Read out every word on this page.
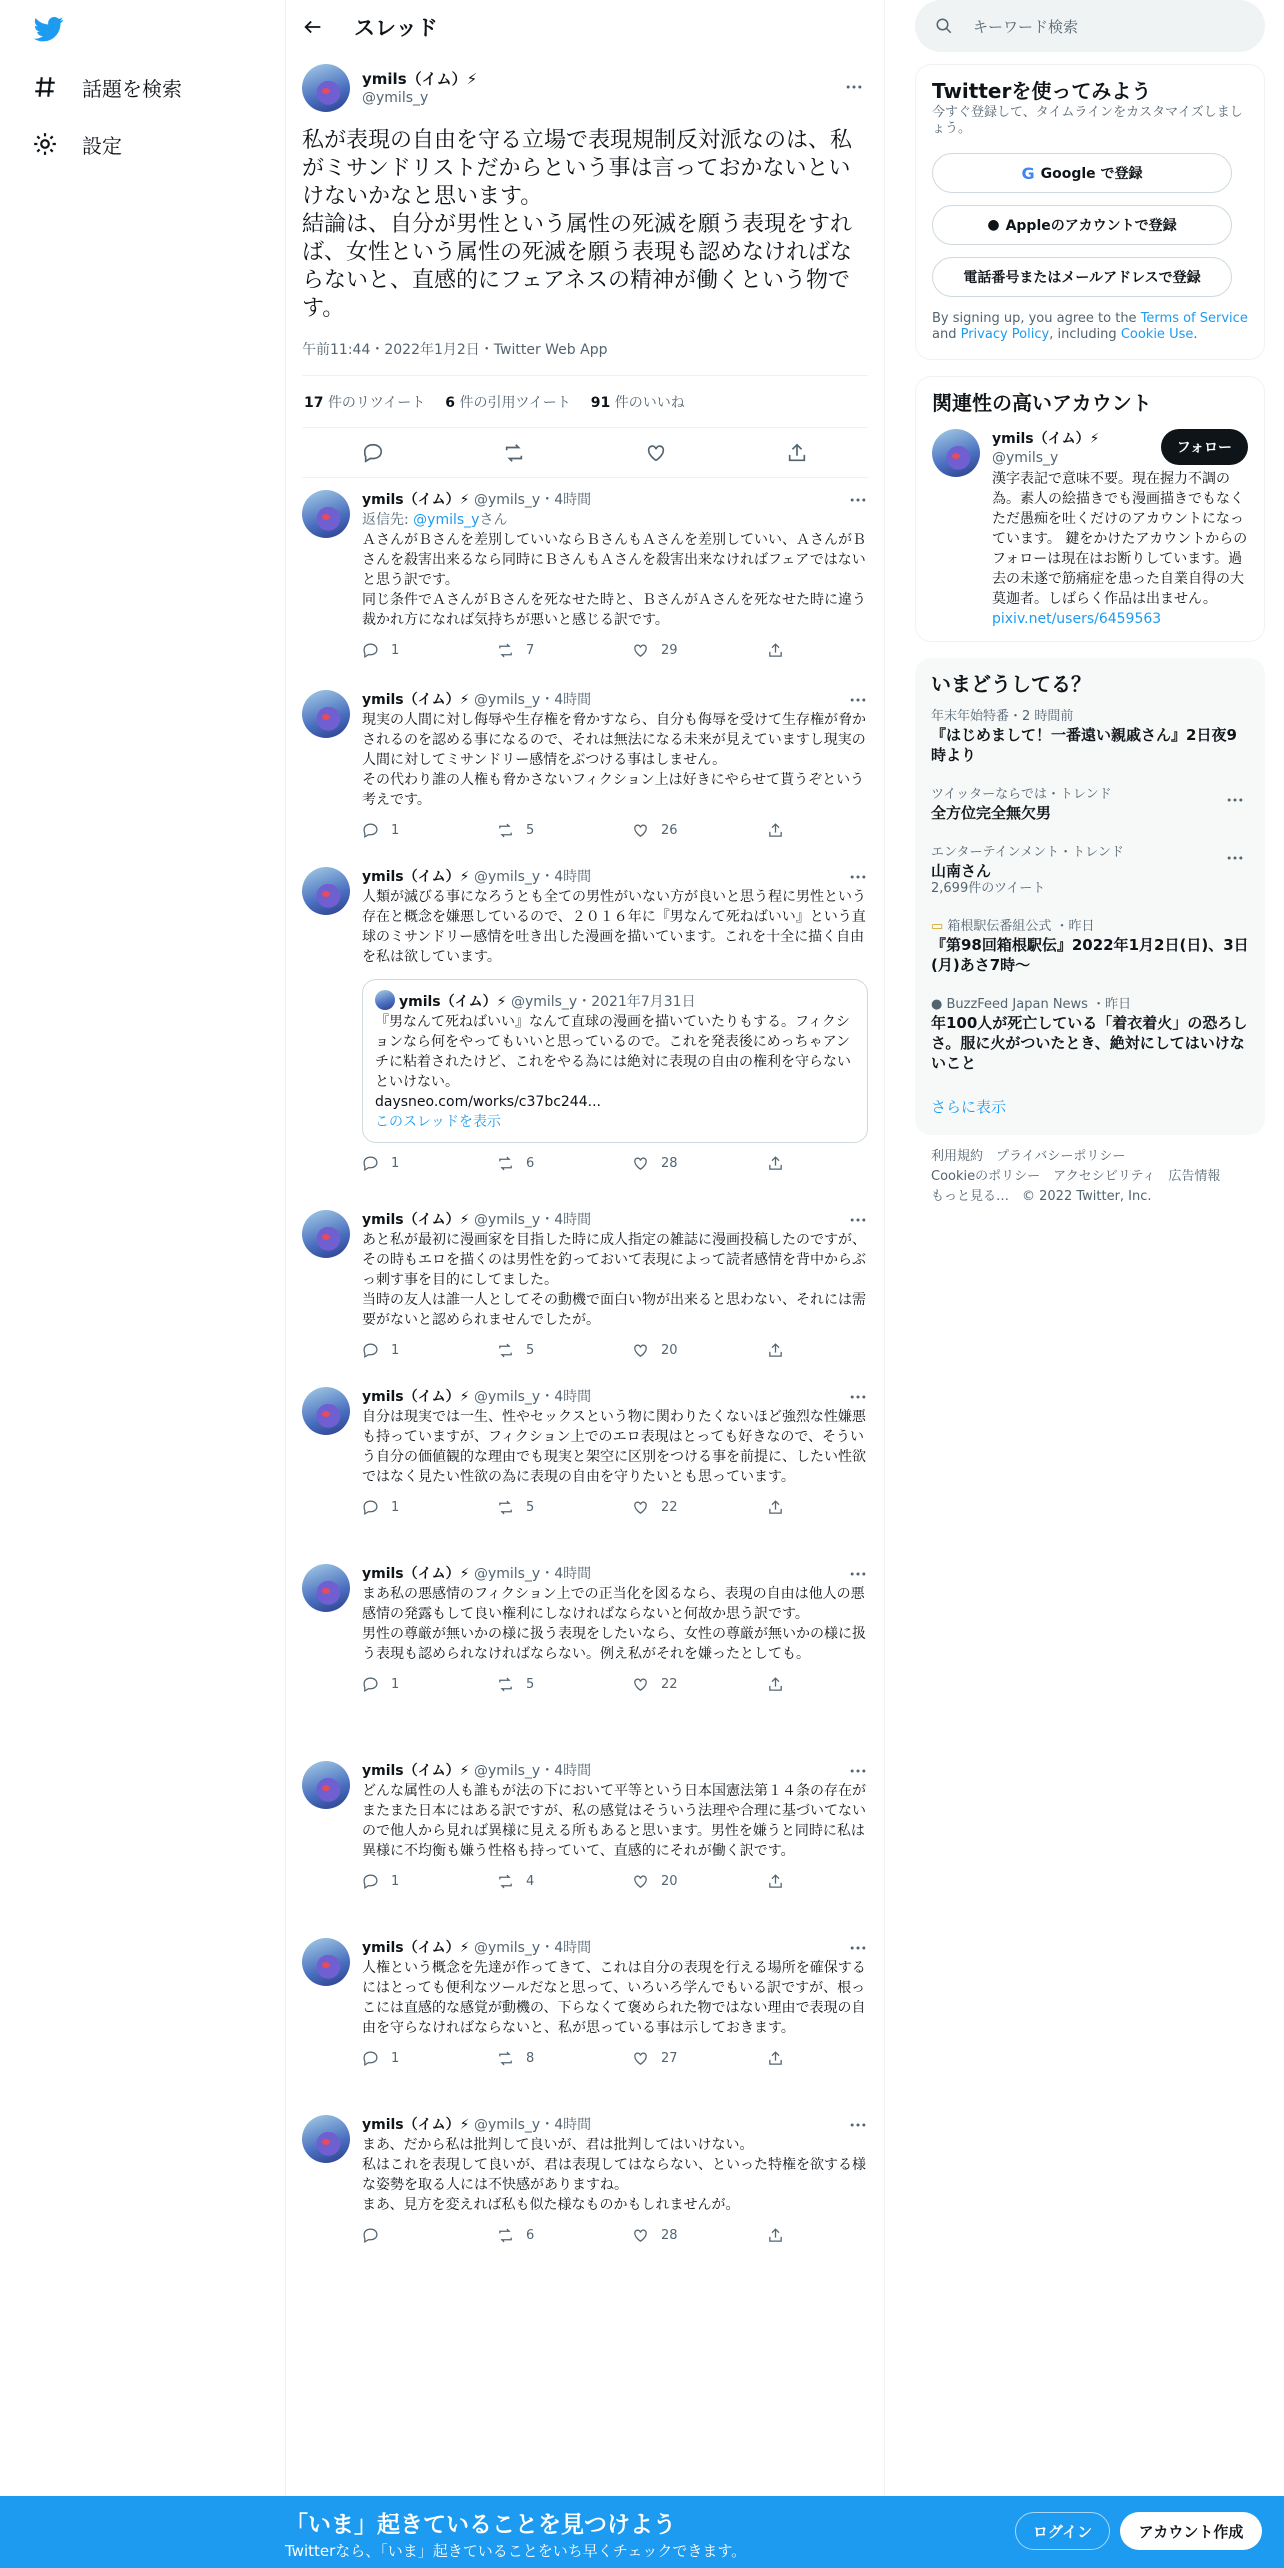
話題を検索
設定
スレッド
ymils（イム）⚡
@ymils_y
私が表現の自由を守る立場で表現規制反対派なのは、私がミサンドリストだからという事は言っておかないといけないかなと思います。
結論は、自分が男性という属性の死滅を願う表現をすれば、女性という属性の死滅を願う表現も認めなければならないと、直感的にフェアネスの精神が働くという物です。
午前11:44・2022年1月2日・Twitter Web App
17 件のリツイート 6 件の引用ツイート 91 件のいいね
ymils（イム）⚡ @ymils_y・4時間
返信先: @ymils_yさん
ＡさんがＢさんを差別していいならＢさんもＡさんを差別していい、ＡさんがＢさんを殺害出来るなら同時にＢさんもＡさんを殺害出来なければフェアではないと思う訳です。
同じ条件でＡさんがＢさんを死なせた時と、ＢさんがＡさんを死なせた時に違う裁かれ方になれば気持ちが悪いと感じる訳です。
1	7	29
ymils（イム）⚡ @ymils_y・4時間
現実の人間に対し侮辱や生存権を脅かすなら、自分も侮辱を受けて生存権が脅かされるのを認める事になるので、それは無法になる未来が見えていますし現実の人間に対してミサンドリー感情をぶつける事はしません。
その代わり誰の人権も脅かさないフィクション上は好きにやらせて貰うぞという考えです。
1	5	26
ymils（イム）⚡ @ymils_y・4時間
人類が滅びる事になろうとも全ての男性がいない方が良いと思う程に男性という存在と概念を嫌悪しているので、２０１６年に『男なんて死ねばいい』という直球のミサンドリー感情を吐き出した漫画を描いています。これを十全に描く自由を私は欲しています。
ymils（イム）⚡ @ymils_y・2021年7月31日
『男なんて死ねばいい』なんて直球の漫画を描いていたりもする。フィクションなら何をやってもいいと思っているので。これを発表後にめっちゃアンチに粘着されたけど、これをやる為には絶対に表現の自由の権利を守らないといけない。
daysneo.com/works/c37bc244...
このスレッドを表示
1	6	28
ymils（イム）⚡ @ymils_y・4時間
あと私が最初に漫画家を目指した時に成人指定の雑誌に漫画投稿したのですが、その時もエロを描くのは男性を釣っておいて表現によって読者感情を背中からぶっ刺す事を目的にしてました。
当時の友人は誰一人としてその動機で面白い物が出来ると思わない、それには需要がないと認められませんでしたが。
1	5	20
ymils（イム）⚡ @ymils_y・4時間
自分は現実では一生、性やセックスという物に関わりたくないほど強烈な性嫌悪も持っていますが、フィクション上でのエロ表現はとっても好きなので、そういう自分の価値観的な理由でも現実と架空に区別をつける事を前提に、したい性欲ではなく見たい性欲の為に表現の自由を守りたいとも思っています。
1	5	22
ymils（イム）⚡ @ymils_y・4時間
まあ私の悪感情のフィクション上での正当化を図るなら、表現の自由は他人の悪感情の発露もして良い権利にしなければならないと何故か思う訳です。
男性の尊厳が無いかの様に扱う表現をしたいなら、女性の尊厳が無いかの様に扱う表現も認められなければならない。例え私がそれを嫌ったとしても。
1	5	22
ymils（イム）⚡ @ymils_y・4時間
どんな属性の人も誰もが法の下において平等という日本国憲法第１４条の存在がまたまた日本にはある訳ですが、私の感覚はそういう法理や合理に基づいてないので他人から見れば異様に見える所もあると思います。男性を嫌うと同時に私は異様に不均衡も嫌う性格も持っていて、直感的にそれが働く訳です。
1	4	20
ymils（イム）⚡ @ymils_y・4時間
人権という概念を先達が作ってきて、これは自分の表現を行える場所を確保するにはとっても便利なツールだなと思って、いろいろ学んでもいる訳ですが、根っこには直感的な感覚が動機の、下らなくて褒められた物ではない理由で表現の自由を守らなければならないと、私が思っている事は示しておきます。
1	8	27
ymils（イム）⚡ @ymils_y・4時間
まあ、だから私は批判して良いが、君は批判してはいけない。
私はこれを表現して良いが、君は表現してはならない、といった特権を欲する様な姿勢を取る人には不快感がありますね。
まあ、見方を変えれば私も似た様なものかもしれませんが。
6	28
キーワード検索
Twitterを使ってみよう
今すぐ登録して、タイムラインをカスタマイズしましょう。
G Google で登録
● Appleのアカウントで登録
電話番号またはメールアドレスで登録
By signing up, you agree to the Terms of Service and Privacy Policy, including Cookie Use.
関連性の高いアカウント
ymils（イム）⚡
@ymils_y
漢字表記で意味不要。現在握力不調の為。素人の絵描きでも漫画描きでもなくただ愚痴を吐くだけのアカウントになっています。 鍵をかけたアカウントからのフォローは現在はお断りしています。過去の未遂で筋痛症を患った自業自得の大莫迦者。しばらく作品は出ません。pixiv.net/users/6459563
フォロー
いまどうしてる？
年末年始特番・2 時間前
『はじめまして！一番遠い親戚さん』2日夜9時より
ツイッターならでは・トレンド
全方位完全無欠男
エンターテインメント・トレンド
山南さん
2,699件のツイート
▭ 箱根駅伝番組公式 ・昨日
『第98回箱根駅伝』2022年1月2日(日)、3日(月)あさ7時～
● BuzzFeed Japan News ・昨日
年100人が死亡している「着衣着火」の恐ろしさ。服に火がついたとき、絶対にしてはいけないこと
さらに表示
利用規約　プライバシーポリシー
Cookieのポリシー　アクセシビリティ　広告情報
もっと見る…　© 2022 Twitter, Inc.
「いま」起きていることを見つけよう
Twitterなら、「いま」起きていることをいち早くチェックできます。
ログイン	アカウント作成
